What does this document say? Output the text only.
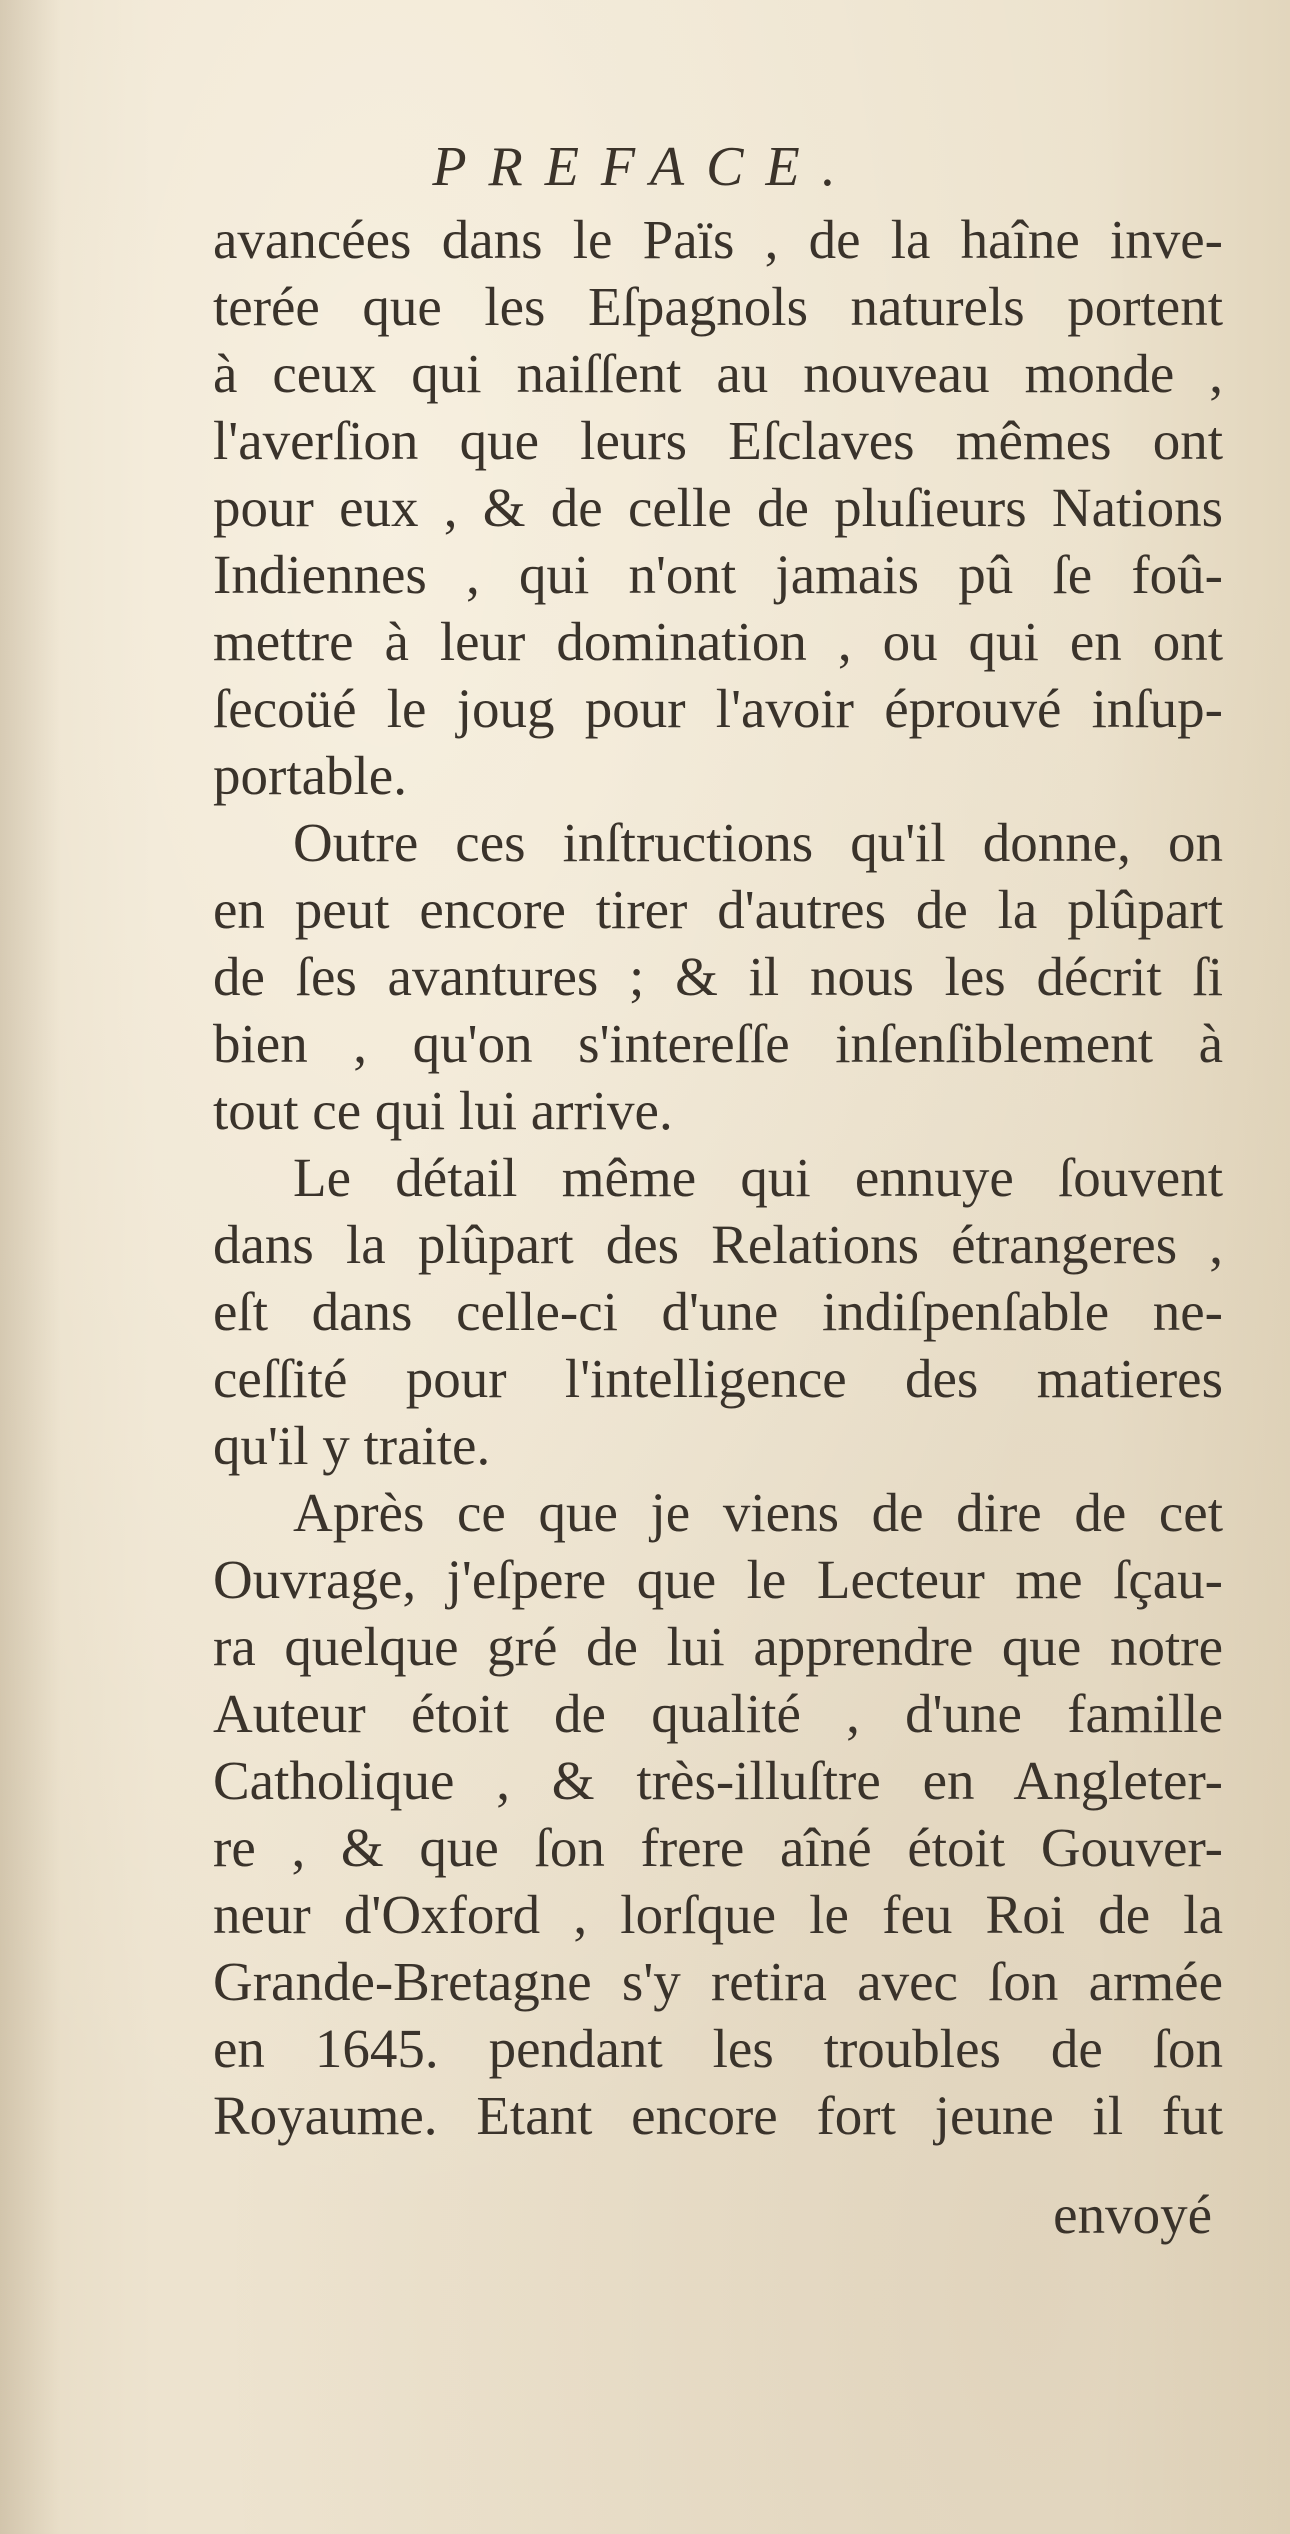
PREFACE.
avancées dans le Païs , de la haîne inve-
terée que les Eſpagnols naturels portent
à ceux qui naiſſent au nouveau monde ,
l'averſion que leurs Eſclaves mêmes ont
pour eux , & de celle de pluſieurs Nations
Indiennes , qui n'ont jamais pû ſe foû-
mettre à leur domination , ou qui en ont
ſecoüé le joug pour l'avoir éprouvé inſup-
portable.
Outre ces inſtructions qu'il donne, on
en peut encore tirer d'autres de la plûpart
de ſes avantures ; & il nous les décrit ſi
bien , qu'on s'intereſſe inſenſiblement à
tout ce qui lui arrive.
Le détail même qui ennuye ſouvent
dans la plûpart des Relations étrangeres ,
eſt dans celle-ci d'une indiſpenſable ne-
ceſſité pour l'intelligence des matieres
qu'il y traite.
Après ce que je viens de dire de cet
Ouvrage, j'eſpere que le Lecteur me ſçau-
ra quelque gré de lui apprendre que notre
Auteur étoit de qualité , d'une famille
Catholique , & très-illuſtre en Angleter-
re , & que ſon frere aîné étoit Gouver-
neur d'Oxford , lorſque le feu Roi de la
Grande-Bretagne s'y retira avec ſon armée
en 1645. pendant les troubles de ſon
Royaume. Etant encore fort jeune il fut
envoyé
